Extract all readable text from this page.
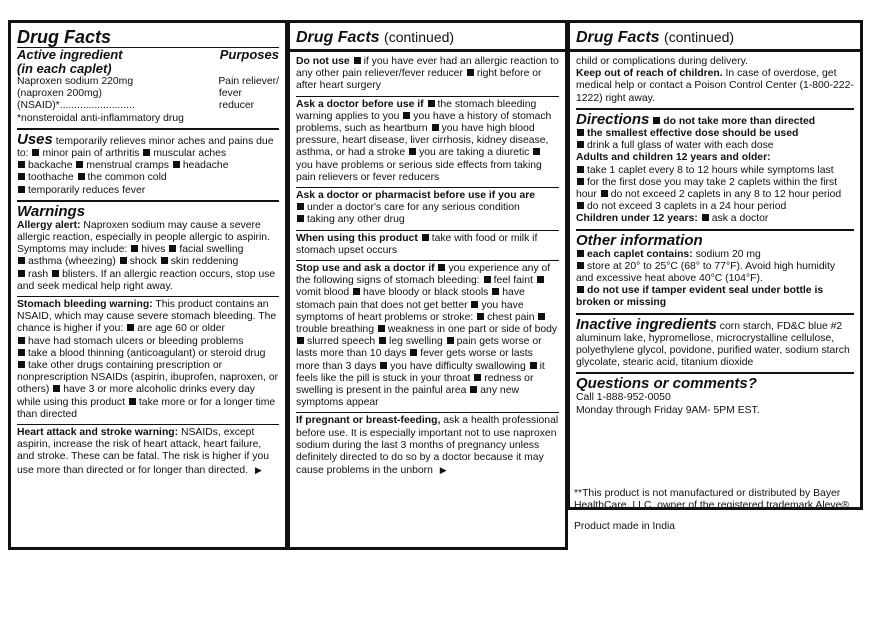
Drug Facts
Active ingredient	Purposes
(in each caplet)
Naproxen sodium 220mg	Pain reliever/
(naproxen 200mg) (NSAID)*..........................
fever reducer
*nonsteroidal anti-inflammatory drug
Uses temporarily relieves minor aches and pains due to: minor pain of arthritis muscular aches
backache menstrual cramps headache
toothache the common cold
temporarily reduces fever
Warnings
Allergy alert: Naproxen sodium may cause a severe allergic reaction, especially in people allergic to aspirin. Symptoms may include: hives facial swelling
asthma (wheezing) shock skin reddening
rash blisters. If an allergic reaction occurs, stop use and seek medical help right away.
Stomach bleeding warning: This product contains an NSAID, which may cause severe stomach bleeding. The chance is higher if you: are age 60 or older
have had stomach ulcers or bleeding problems
take a blood thinning (anticoagulant) or steroid drug
take other drugs containing prescription or nonprescription NSAIDs (aspirin, ibuprofen, naproxen, or others) have 3 or more alcoholic drinks every day while using this product take more or for a longer time than directed
Heart attack and stroke warning: NSAIDs, except aspirin, increase the risk of heart attack, heart failure, and stroke. These can be fatal. The risk is higher if you use more than directed or for longer than directed. ▶
Drug Facts (continued)
Do not use if you have ever had an allergic reaction to any other pain reliever/fever reducer right before or after heart surgery
Ask a doctor before use if the stomach bleeding warning applies to you you have a history of stomach problems, such as heartburn you have high blood pressure, heart disease, liver cirrhosis, kidney disease, asthma, or had a stroke you are taking a diuretic you have problems or serious side effects from taking pain relievers or fever reducers
Ask a doctor or pharmacist before use if you are
under a doctor's care for any serious condition
taking any other drug
When using this product take with food or milk if stomach upset occurs
Stop use and ask a doctor if you experience any of the following signs of stomach bleeding: feel faint vomit blood have bloody or black stools have stomach pain that does not get better you have symptoms of heart problems or stroke: chest pain trouble breathing weakness in one part or side of body slurred speech leg swelling pain gets worse or lasts more than 10 days fever gets worse or lasts more than 3 days you have difficulty swallowing it feels like the pill is stuck in your throat redness or swelling is present in the painful area any new symptoms appear
If pregnant or breast-feeding, ask a health professional before use. It is especially important not to use naproxen sodium during the last 3 months of pregnancy unless definitely directed to do so by a doctor because it may cause problems in the unborn ▶
Drug Facts (continued)
child or complications during delivery.
Keep out of reach of children. In case of overdose, get medical help or contact a Poison Control Center (1-800-222-1222) right away.
Directions do not take more than directed
the smallest effective dose should be used
drink a full glass of water with each dose
Adults and children 12 years and older:
take 1 caplet every 8 to 12 hours while symptoms last
for the first dose you may take 2 caplets within the first hour do not exceed 2 caplets in any 8 to 12 hour period do not exceed 3 caplets in a 24 hour period
Children under 12 years: ask a doctor
Other information
each caplet contains: sodium 20 mg
store at 20° to 25°C (68° to 77°F). Avoid high humidity and excessive heat above 40°C (104°F).
do not use if tamper evident seal under bottle is broken or missing
Inactive ingredients corn starch, FD&C blue #2 aluminum lake, hypromellose, microcrystalline cellulose, polyethylene glycol, povidone, purified water, sodium starch glycolate, stearic acid, titanium dioxide
Questions or comments?
Call 1-888-952-0050
Monday through Friday 9AM- 5PM EST.

**This product is not manufactured or distributed by Bayer HealthCare, LLC, owner of the registered trademark Aleve®.

Product made in India
